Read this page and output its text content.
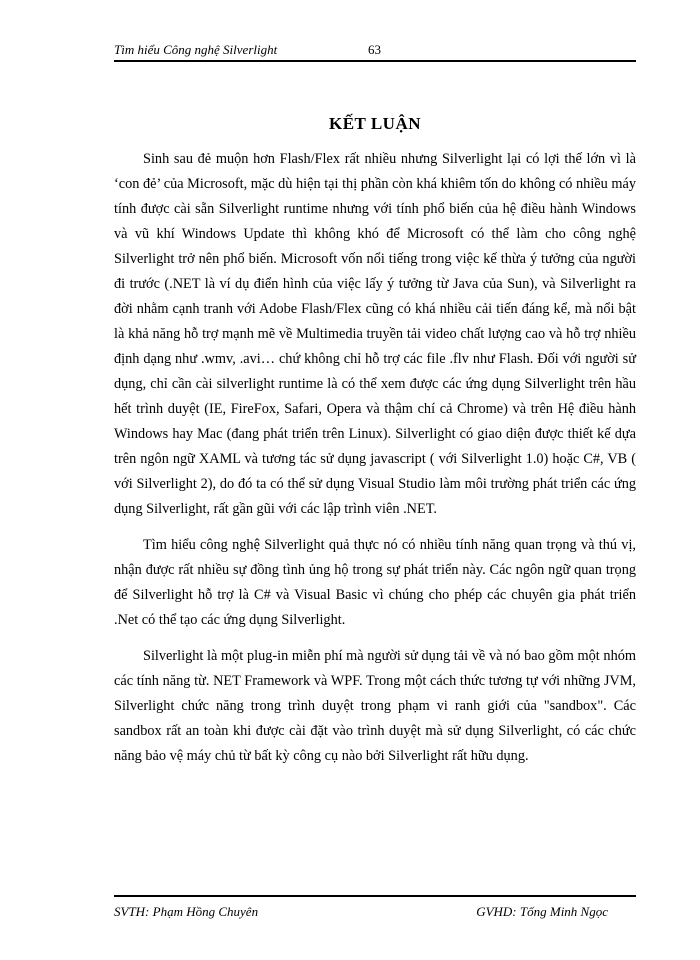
Tìm hiểu Công nghệ Silverlight	63
KẾT LUẬN

Sinh sau đẻ muộn hơn Flash/Flex rất nhiều nhưng Silverlight lại có lợi thế lớn vì là ‘con đẻ’ của Microsoft, mặc dù hiện tại thị phần còn khá khiêm tốn do không có nhiều máy tính được cài sẵn Silverlight runtime nhưng với tính phổ biến của hệ điều hành Windows và vũ khí Windows Update thì không khó để Microsoft có thể làm cho công nghệ Silverlight trở nên phổ biến. Microsoft vốn nổi tiếng trong việc kế thừa ý tưởng của người đi trước (.NET là ví dụ điển hình của việc lấy ý tưởng từ Java của Sun), và Silverlight ra đời nhằm cạnh tranh với Adobe Flash/Flex cũng có khá nhiều cải tiến đáng kể, mà nổi bật là khả năng hỗ trợ mạnh mẽ về Multimedia truyền tải video chất lượng cao và hỗ trợ nhiều định dạng như .wmv, .avi… chứ không chỉ hỗ trợ các file .flv như Flash. Đối với người sử dụng, chỉ cần cài silverlight runtime là có thể xem được các ứng dụng Silverlight trên hầu hết trình duyệt (IE, FireFox, Safari, Opera và thậm chí cả Chrome) và trên Hệ điều hành Windows hay Mac (đang phát triển trên Linux). Silverlight có giao diện được thiết kế dựa trên ngôn ngữ XAML và tương tác sử dụng javascript ( với Silverlight 1.0) hoặc C#, VB ( với Silverlight 2), do đó ta có thể sử dụng Visual Studio làm môi trường phát triển các ứng dụng Silverlight, rất gần gũi với các lập trình viên .NET.

Tìm hiểu công nghệ Silverlight quả thực nó có nhiều tính năng quan trọng và thú vị, nhận được rất nhiều sự đồng tình ủng hộ trong sự phát triển này. Các ngôn ngữ quan trọng để Silverlight hỗ trợ là C# và Visual Basic vì chúng cho phép các chuyên gia phát triển .Net có thể tạo các ứng dụng Silverlight.

Silverlight là một plug-in miễn phí mà người sử dụng tải về và nó bao gồm một nhóm các tính năng từ. NET Framework và WPF. Trong một cách thức tương tự với những JVM, Silverlight chức năng trong trình duyệt trong phạm vi ranh giới của "sandbox". Các sandbox rất an toàn khi được cài đặt vào trình duyệt mà sử dụng Silverlight, có các chức năng bảo vệ máy chủ từ bất kỳ công cụ nào bởi Silverlight rất hữu dụng.

SVTH: Phạm Hồng Chuyên	GVHD: Tống Minh Ngọc
